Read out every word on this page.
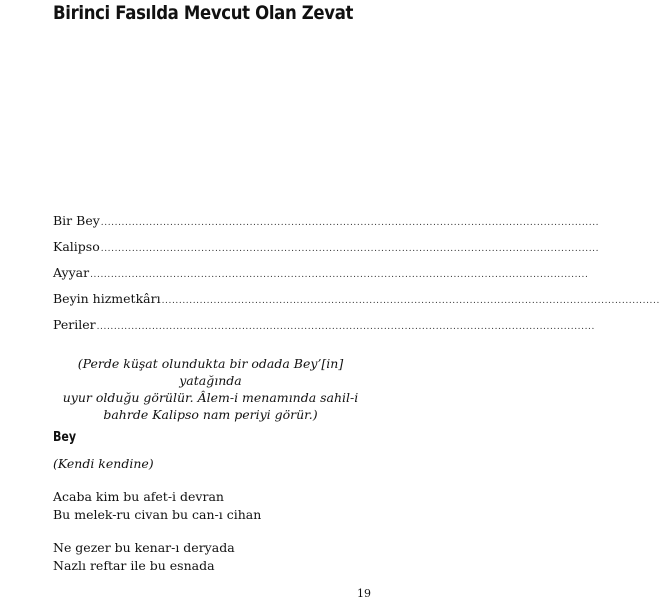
Birinci Fasılda Mevcut Olan Zevat
Bir Bey ................................................................................................................................................
Kalipso ................................................................................................................................................
Ayyar ................................................................................................................................................
Beyin hizmetkârı ................................................................................................................................................
Periler ................................................................................................................................................

(Perde küşat olundukta bir odada Bey’[in] yatağında
uyur olduğu görülür. Âlem-i menamında sahil-i
bahrde Kalipso nam periyi görür.)

Bey

(Kendi kendine)

Acaba kim bu afet-i devran
Bu melek-ru civan bu can-ı cihan

Ne gezer bu kenar-ı deryada
Nazlı reftar ile bu esnada

19
